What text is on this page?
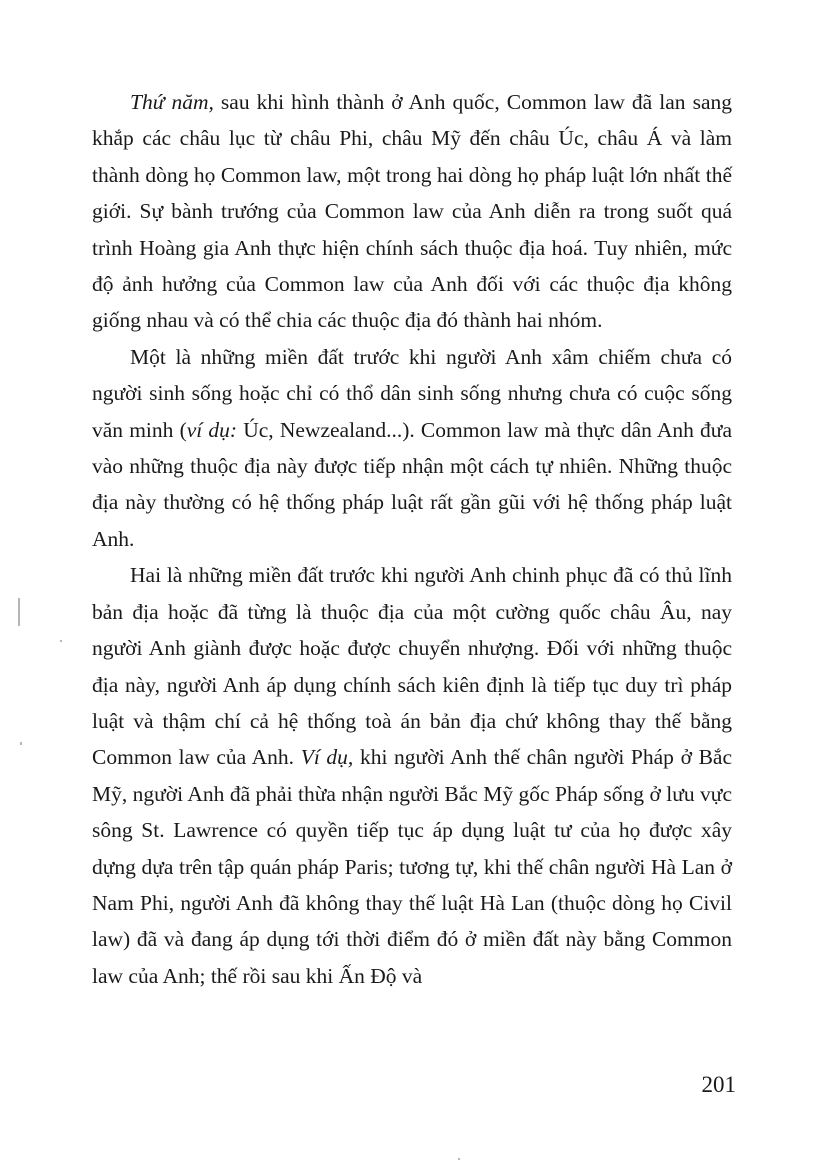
Thứ năm, sau khi hình thành ở Anh quốc, Common law đã lan sang khắp các châu lục từ châu Phi, châu Mỹ đến châu Úc, châu Á và làm thành dòng họ Common law, một trong hai dòng họ pháp luật lớn nhất thế giới. Sự bành trướng của Common law của Anh diễn ra trong suốt quá trình Hoàng gia Anh thực hiện chính sách thuộc địa hoá. Tuy nhiên, mức độ ảnh hưởng của Common law của Anh đối với các thuộc địa không giống nhau và có thể chia các thuộc địa đó thành hai nhóm.

Một là những miền đất trước khi người Anh xâm chiếm chưa có người sinh sống hoặc chỉ có thổ dân sinh sống nhưng chưa có cuộc sống văn minh (ví dụ: Úc, Newzealand...). Common law mà thực dân Anh đưa vào những thuộc địa này được tiếp nhận một cách tự nhiên. Những thuộc địa này thường có hệ thống pháp luật rất gần gũi với hệ thống pháp luật Anh.

Hai là những miền đất trước khi người Anh chinh phục đã có thủ lĩnh bản địa hoặc đã từng là thuộc địa của một cường quốc châu Âu, nay người Anh giành được hoặc được chuyển nhượng. Đối với những thuộc địa này, người Anh áp dụng chính sách kiên định là tiếp tục duy trì pháp luật và thậm chí cả hệ thống toà án bản địa chứ không thay thế bằng Common law của Anh. Ví dụ, khi người Anh thế chân người Pháp ở Bắc Mỹ, người Anh đã phải thừa nhận người Bắc Mỹ gốc Pháp sống ở lưu vực sông St. Lawrence có quyền tiếp tục áp dụng luật tư của họ được xây dựng dựa trên tập quán pháp Paris; tương tự, khi thế chân người Hà Lan ở Nam Phi, người Anh đã không thay thế luật Hà Lan (thuộc dòng họ Civil law) đã và đang áp dụng tới thời điểm đó ở miền đất này bằng Common law của Anh; thế rồi sau khi Ấn Độ và

201
